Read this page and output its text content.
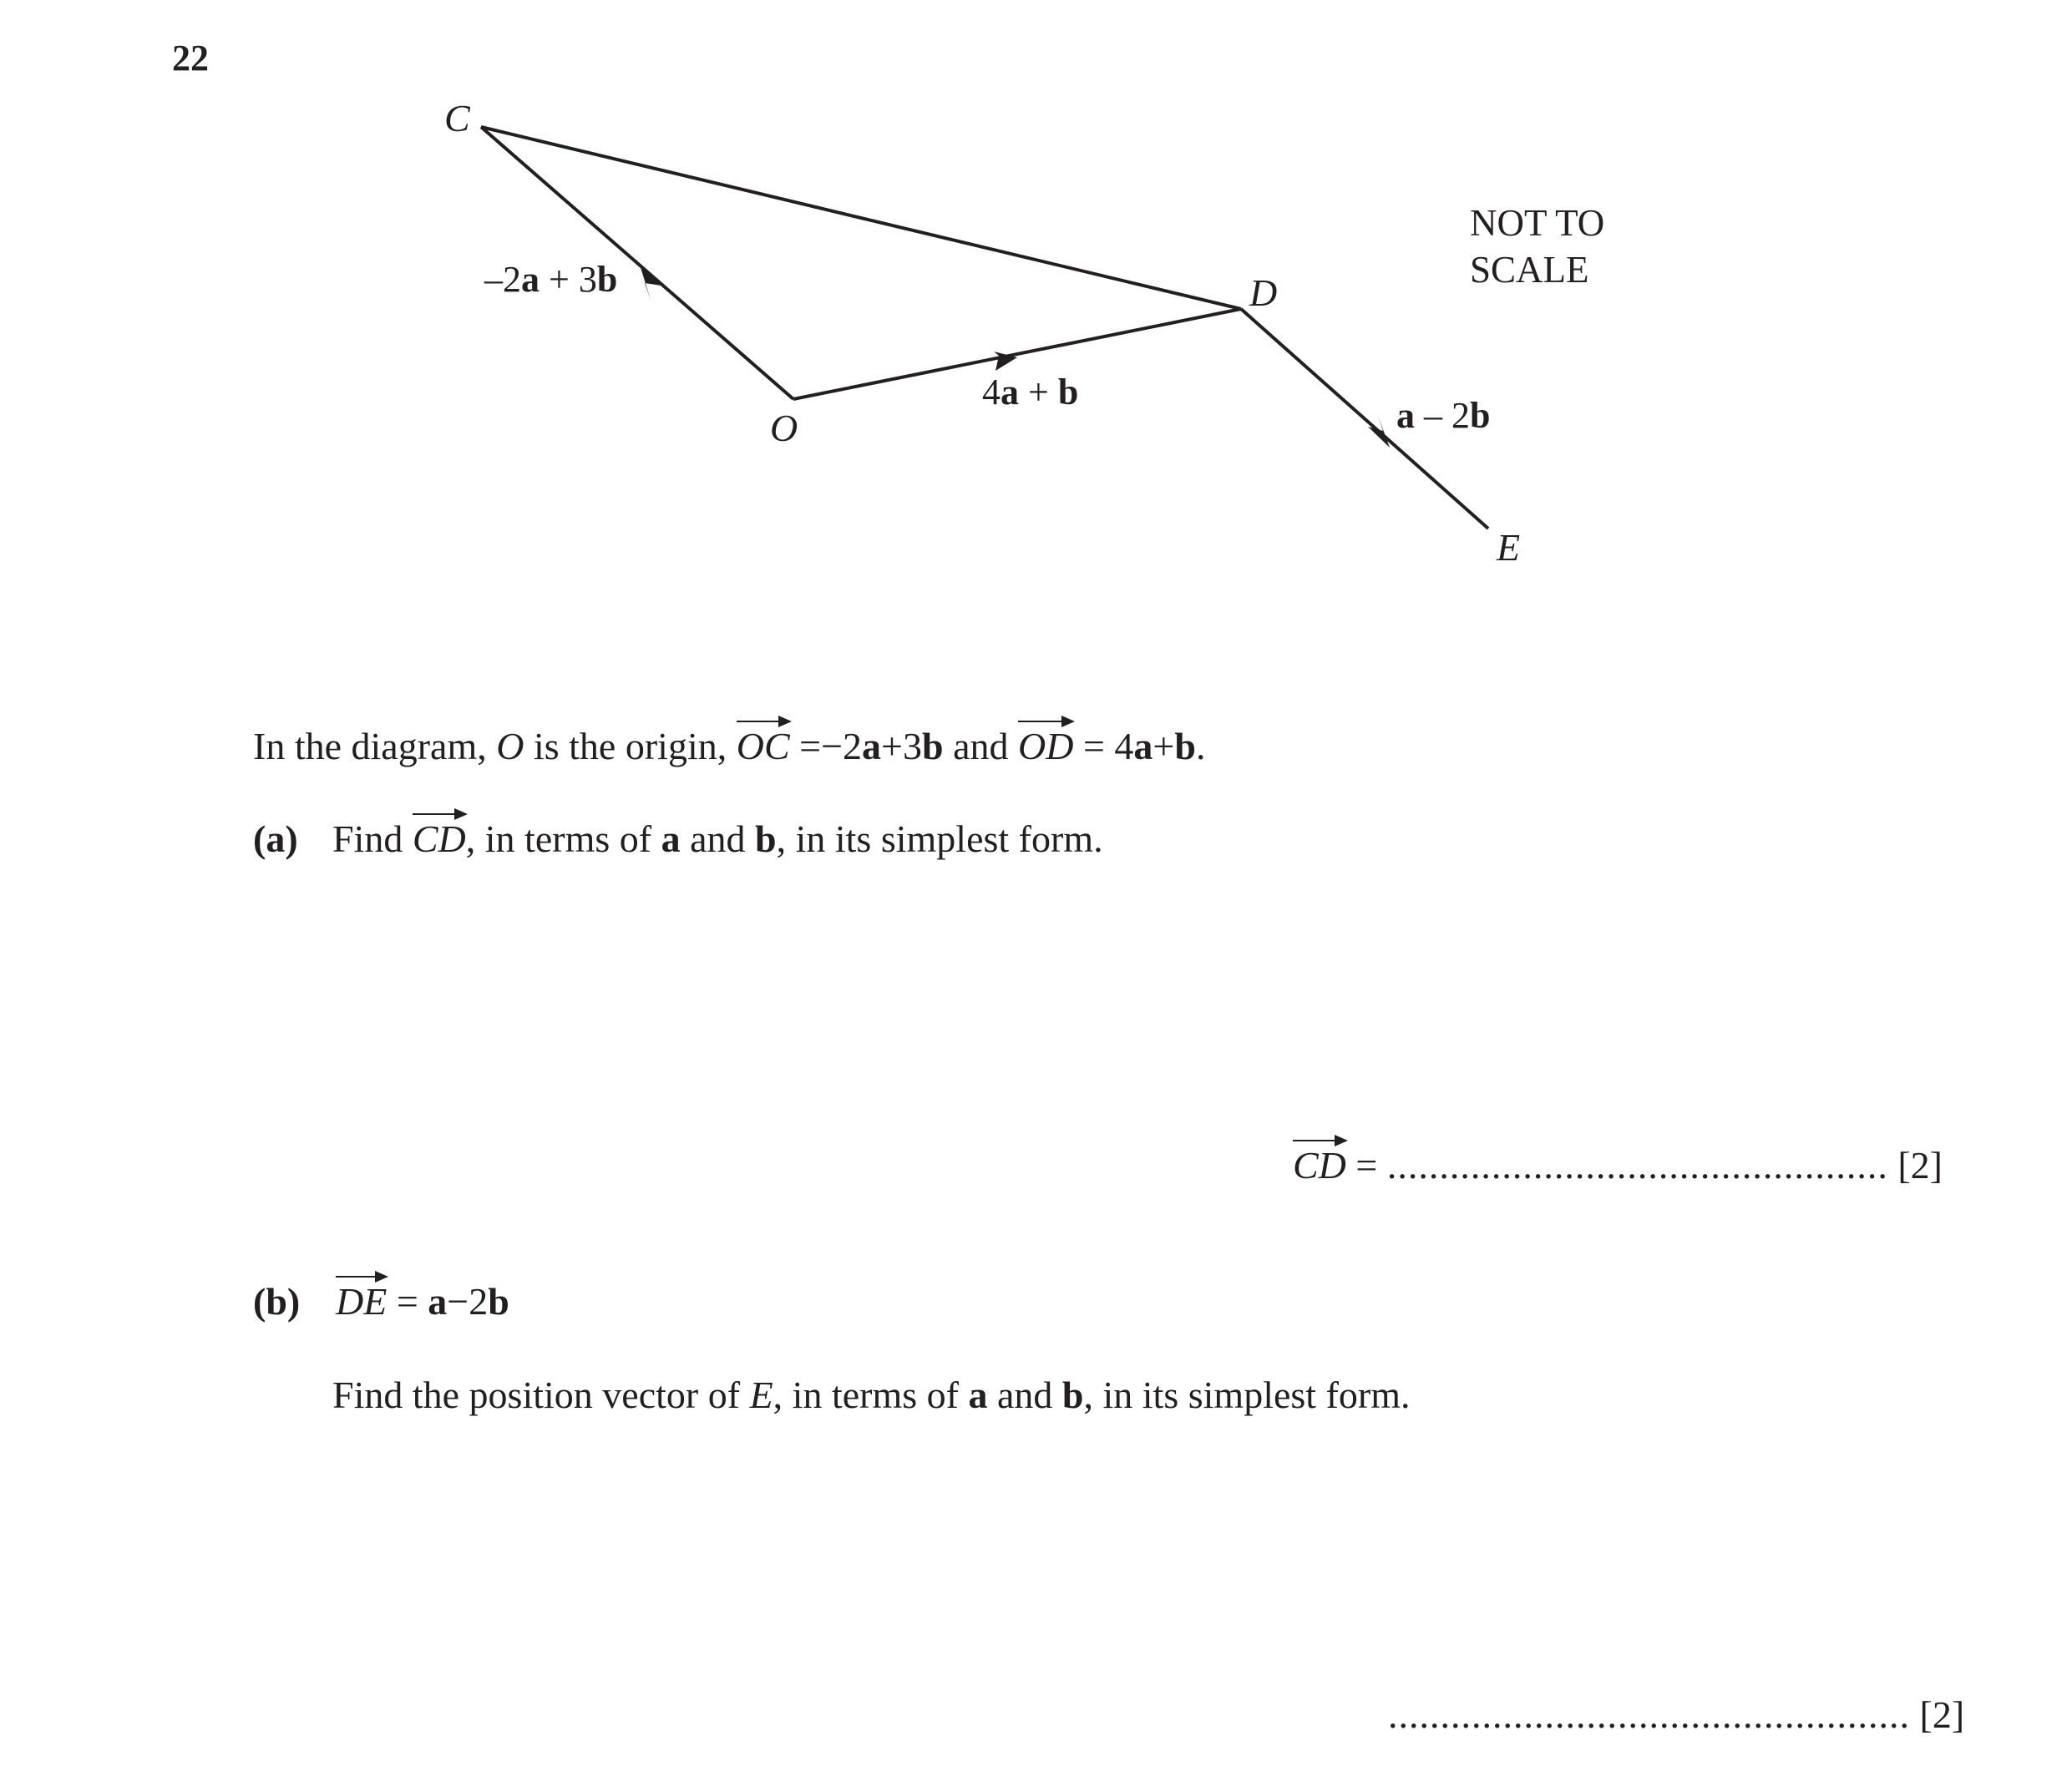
22
C
D
O
E
–2a + 3b
4a + b
a – 2b
NOT TO
SCALE
In the diagram, O is the origin, OC =−2a+3b and OD = 4a+b.
(a) Find CD, in terms of a and b, in its simplest form.
CD = ................................................ [2]
(b) DE = a−2b
Find the position vector of E, in terms of a and b, in its simplest form.
.................................................. [2]
